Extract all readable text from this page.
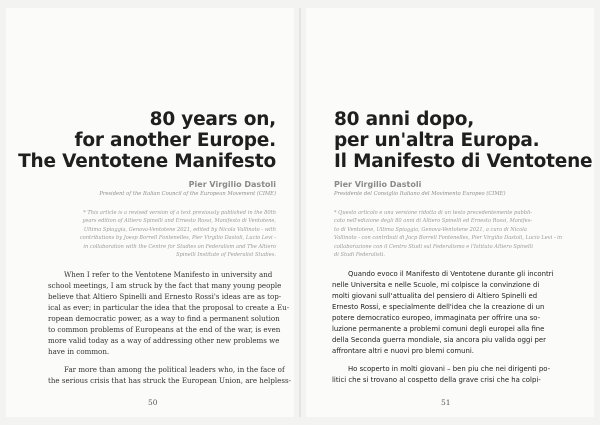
80 years on,
for another Europe.
The Ventotene Manifesto
Pier Virgilio Dastoli
President of the Italian Council of the European Movement (CIME)
* This article is a revised version of a text previously published in the 80th
years edition of Altiero Spinelli and Ernesto Rossi, Manifesto di Ventotene,
Ultima Spiaggia, Genova-Ventotene 2021, edited by Nicola Vallinoto - with
contributions by Joesp Borrell Fontenelles, Pier Virgilio Dastoli, Lucio Levi -
in collaboration with the Centre for Studies on Federalism and The Altiero
Spinelli Institute of Federalist Studies.
When I refer to the Ventotene Manifesto in university and
school meetings, I am struck by the fact that many young people
believe that Altiero Spinelli and Ernesto Rossi's ideas are as top-
ical as ever; in particular the idea that the proposal to create a Eu-
ropean democratic power, as a way to find a permanent solution
to common problems of Europeans at the end of the war, is even
more valid today as a way of addressing other new problems we
have in common.
Far more than among the political leaders who, in the face of
the serious crisis that has struck the European Union, are helpless-
50
80 anni dopo,
per un'altra Europa.
Il Manifesto di Ventotene
Pier Virgilio Dastoli
Presidente del Consiglio Italiano del Movimento Europeo (CIME)
* Questo articolo e una versione ridotta di un testo precedentemente pubbli-
cato nell'edizione degli 80 anni di Altiero Spinelli ed Ernesto Rossi, Manifes-
to di Ventotene, Ultima Spiaggia, Genova-Ventotene 2021, a cura di Nicola
Vallinoto - con contributi di Jocp Borrell Fontenelles, Pier Virgilio Dastoli, Lucio Levi - in
collaborazione con il Centro Studi sul Federalismo e l'Istituto Altiero Spinelli
di Studi Federalisti.
Quando evoco il Manifesto di Ventotene durante gli incontri
nelle Universita e nelle Scuole, mi colpisce la convinzione di
molti giovani sull'attualita del pensiero di Altiero Spinelli ed
Ernesto Rossi, e specialmente dell'idea che la creazione di un
potere democratico europeo, immaginata per offrire una so-
luzione permanente a problemi comuni degli europei alla fine
della Seconda guerra mondiale, sia ancora piu valida oggi per
affrontare altri e nuovi pro blemi comuni.
Ho scoperto in molti giovani – ben piu che nei dirigenti po-
litici che si trovano al cospetto della grave crisi che ha colpi-
51
